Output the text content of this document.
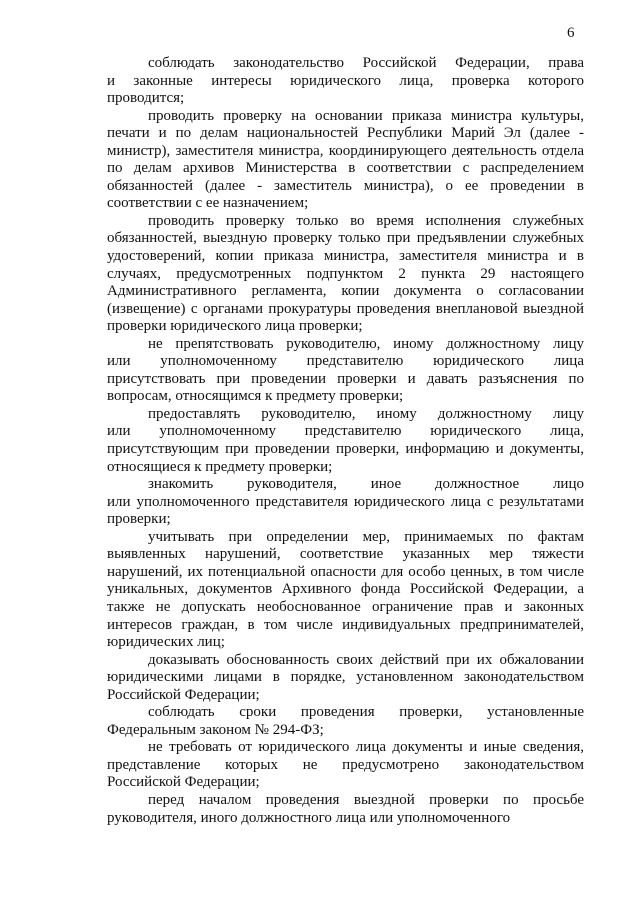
6
соблюдать законодательство Российской Федерации, права
и законные интересы юридического лица, проверка которого
проводится;
проводить проверку на основании приказа министра культуры,
печати и по делам национальностей Республики Марий Эл (далее -
министр), заместителя министра, координирующего деятельность отдела
по делам архивов Министерства в соответствии с распределением
обязанностей (далее - заместитель министра), о ее проведении в
соответствии с ее назначением;
проводить проверку только во время исполнения служебных
обязанностей, выездную проверку только при предъявлении служебных
удостоверений, копии приказа министра, заместителя министра и в
случаях, предусмотренных подпунктом 2 пункта 29 настоящего
Административного регламента, копии документа о согласовании
(извещение) с органами прокуратуры проведения внеплановой выездной
проверки юридического лица проверки;
не препятствовать руководителю, иному должностному лицу
или уполномоченному представителю юридического лица
присутствовать при проведении проверки и давать разъяснения по
вопросам, относящимся к предмету проверки;
предоставлять руководителю, иному должностному лицу
или уполномоченному представителю юридического лица,
присутствующим при проведении проверки, информацию и документы,
относящиеся к предмету проверки;
знакомить руководителя, иное должностное лицо
или уполномоченного представителя юридического лица с результатами
проверки;
учитывать при определении мер, принимаемых по фактам
выявленных нарушений, соответствие указанных мер тяжести
нарушений, их потенциальной опасности для особо ценных, в том числе
уникальных, документов Архивного фонда Российской Федерации, а
также не допускать необоснованное ограничение прав и законных
интересов граждан, в том числе индивидуальных предпринимателей,
юридических лиц;
доказывать обоснованность своих действий при их обжаловании
юридическими лицами в порядке, установленном законодательством
Российской Федерации;
соблюдать сроки проведения проверки, установленные
Федеральным законом № 294-ФЗ;
не требовать от юридического лица документы и иные сведения,
представление которых не предусмотрено законодательством
Российской Федерации;
перед началом проведения выездной проверки по просьбе
руководителя, иного должностного лица или уполномоченного
